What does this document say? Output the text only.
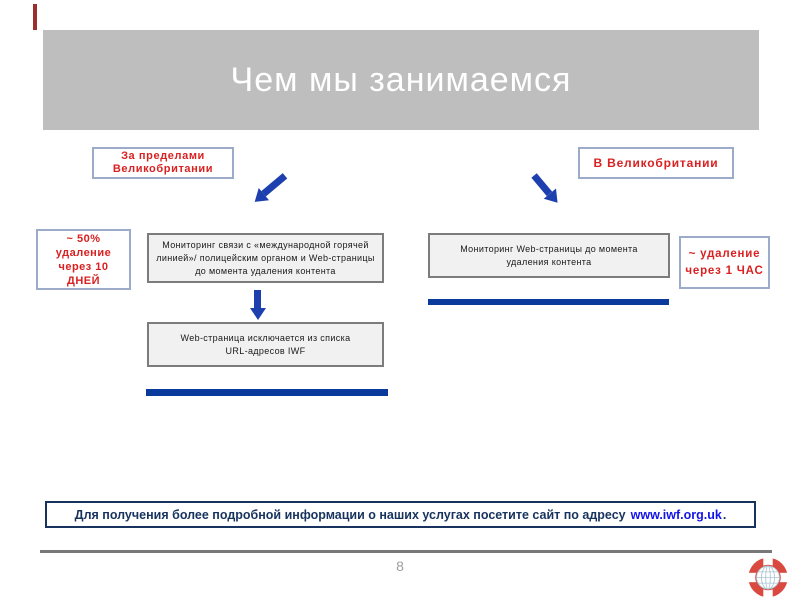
Чем мы занимаемся
За пределами
Великобритании	В Великобритании
~ 50%
удаление
через 10
ДНЕЙ
Мониторинг связи с «международной горячей
линией»/ полицейским органом и Web-страницы
до момента удаления контента
Web-страница исключается из списка
URL-адресов IWF
Мониторинг Web-страницы до момента
удаления контента
~ удаление
через 1 ЧАС
Для получения более подробной информации о наших услугах посетите сайт по адресу www.iwf.org.uk .
8
